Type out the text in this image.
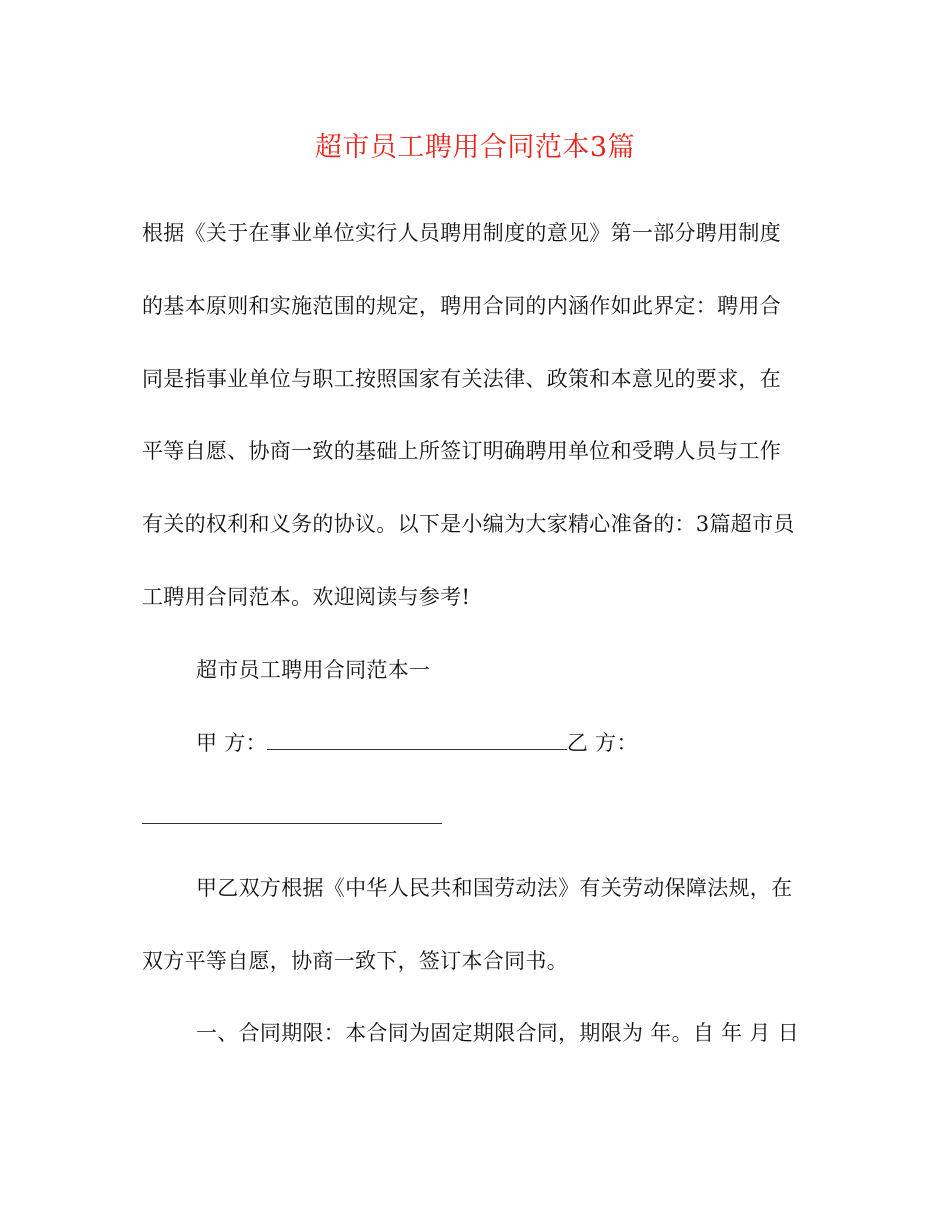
超市员工聘用合同范本3篇

根据《关于在事业单位实行人员聘用制度的意见》第一部分聘用制度

的基本原则和实施范围的规定，聘用合同的内涵作如此界定：聘用合

同是指事业单位与职工按照国家有关法律、政策和本意见的要求，在

平等自愿、协商一致的基础上所签订明确聘用单位和受聘人员与工作

有关的权利和义务的协议。以下是小编为大家精心准备的：3篇超市员

工聘用合同范本。欢迎阅读与参考!

超市员工聘用合同范本一

甲 方：	乙 方：

甲乙双方根据《中华人民共和国劳动法》有关劳动保障法规，在

双方平等自愿，协商一致下，签订本合同书。

一、合同期限：本合同为固定期限合同，期限为 年。自 年 月 日
